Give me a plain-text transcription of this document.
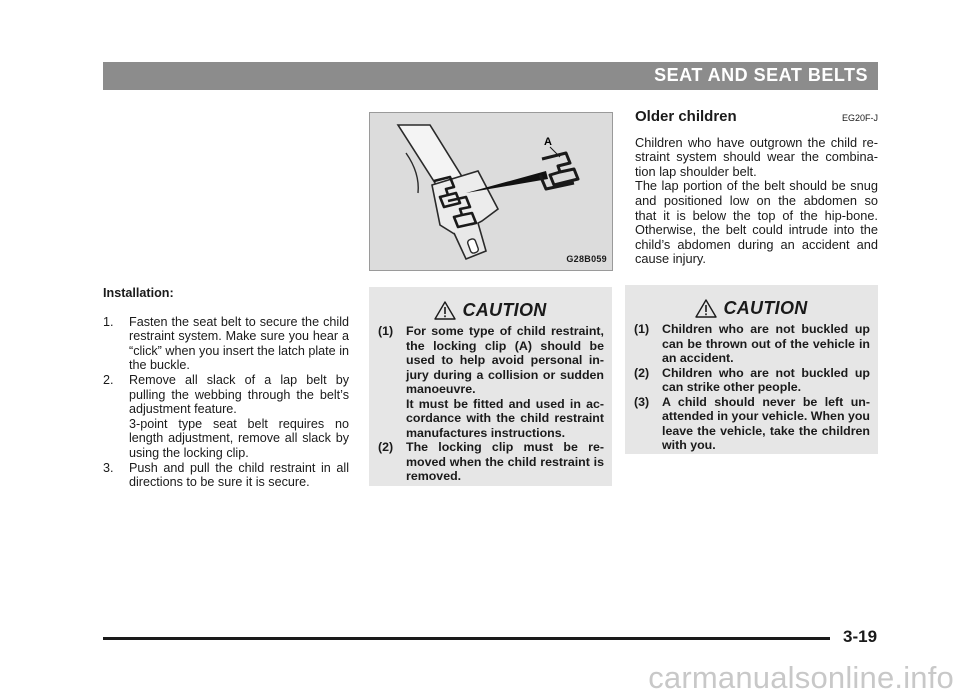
SEAT AND SEAT BELTS
Installation:
1. Fasten the seat belt to secure the child restraint system. Make sure you hear a “click” when you insert the latch plate in the buckle.

2. Remove all slack of a lap belt by pulling the webbing through the belt’s adjustment feature.

3-point type seat belt requires no length adjustment, remove all slack by using the locking clip.

3. Push and pull the child restraint in all directions to be sure it is secure.

A
G28B059
CAUTION
(1) For some type of child restraint, the locking clip (A) should be used to help avoid personal in-jury during a collision or sudden manoeuvre.

It must be fitted and used in ac-cordance with the child restraint manufactures instructions.

(2) The locking clip must be re-moved when the child restraint is removed.

Older children	EG20F-J

Children who have outgrown the child re-straint system should wear the combina-tion lap shoulder belt.

The lap portion of the belt should be snug and positioned low on the abdomen so that it is below the top of the hip-bone. Otherwise, the belt could intrude into the child’s abdomen during an accident and cause injury.

CAUTION
(1) Children who are not buckled up can be thrown out of the vehicle in an accident.

(2) Children who are not buckled up can strike other people.

(3) A child should never be left un-attended in your vehicle. When you leave the vehicle, take the children with you.

3-19
carmanualsonline.info
